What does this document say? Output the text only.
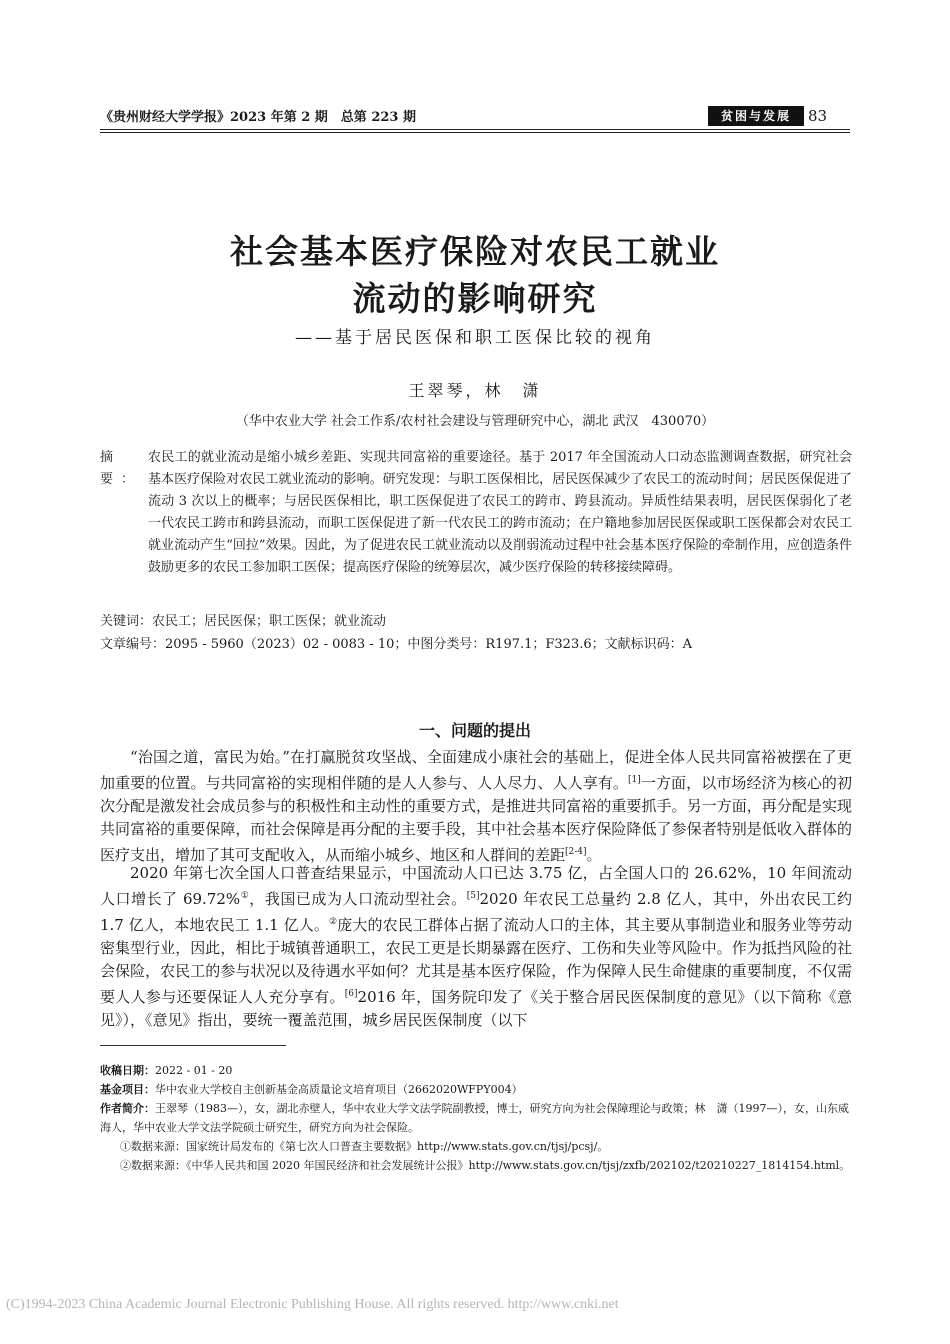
《贵州财经大学学报》2023 年第 2 期　总第 223 期	贫困与发展	83
社会基本医疗保险对农民工就业
流动的影响研究
——基于居民医保和职工医保比较的视角
王翠琴，林　潇
（华中农业大学 社会工作系/农村社会建设与管理研究中心，湖北 武汉　430070）
摘　要：
农民工的就业流动是缩小城乡差距、实现共同富裕的重要途径。基于 2017 年全国流动人口动态监测调查数据，研究社会基本医疗保险对农民工就业流动的影响。研究发现：与职工医保相比，居民医保减少了农民工的流动时间；居民医保促进了流动 3 次以上的概率；与居民医保相比，职工医保促进了农民工的跨市、跨县流动。异质性结果表明，居民医保弱化了老一代农民工跨市和跨县流动，而职工医保促进了新一代农民工的跨市流动；在户籍地参加居民医保或职工医保都会对农民工就业流动产生“回拉”效果。因此，为了促进农民工就业流动以及削弱流动过程中社会基本医疗保险的牵制作用，应创造条件鼓励更多的农民工参加职工医保；提高医疗保险的统筹层次，减少医疗保险的转移接续障碍。
关键词：农民工；居民医保；职工医保；就业流动
文章编号：2095 - 5960（2023）02 - 0083 - 10；中图分类号：R197.1；F323.6；文献标识码：A
一、问题的提出
“治国之道，富民为始。”在打赢脱贫攻坚战、全面建成小康社会的基础上，促进全体人民共同富裕被摆在了更加重要的位置。与共同富裕的实现相伴随的是人人参与、人人尽力、人人享有。[1]一方面，以市场经济为核心的初次分配是激发社会成员参与的积极性和主动性的重要方式，是推进共同富裕的重要抓手。另一方面，再分配是实现共同富裕的重要保障，而社会保障是再分配的主要手段，其中社会基本医疗保险降低了参保者特别是低收入群体的医疗支出，增加了其可支配收入，从而缩小城乡、地区和人群间的差距[2-4]。
2020 年第七次全国人口普查结果显示，中国流动人口已达 3.75 亿，占全国人口的 26.62%，10 年间流动人口增长了 69.72%①，我国已成为人口流动型社会。[5]2020 年农民工总量约 2.8 亿人，其中，外出农民工约 1.7 亿人，本地农民工 1.1 亿人。②庞大的农民工群体占据了流动人口的主体，其主要从事制造业和服务业等劳动密集型行业，因此，相比于城镇普通职工，农民工更是长期暴露在医疗、工伤和失业等风险中。作为抵挡风险的社会保险，农民工的参与状况以及待遇水平如何？尤其是基本医疗保险，作为保障人民生命健康的重要制度，不仅需要人人参与还要保证人人充分享有。[6]2016 年，国务院印发了《关于整合居民医保制度的意见》（以下简称《意见》），《意见》指出，要统一覆盖范围，城乡居民医保制度（以下
收稿日期：2022 - 01 - 20
基金项目：华中农业大学校自主创新基金高质量论文培育项目（2662020WFPY004）
作者简介：王翠琴（1983—），女，湖北赤壁人，华中农业大学文法学院副教授，博士，研究方向为社会保障理论与政策；林　潇（1997—），女，山东威海人，华中农业大学文法学院硕士研究生，研究方向为社会保险。
①数据来源：国家统计局发布的《第七次人口普查主要数据》http://www.stats.gov.cn/tjsj/pcsj/。
②数据来源：《中华人民共和国 2020 年国民经济和社会发展统计公报》http://www.stats.gov.cn/tjsj/zxfb/202102/t20210227_1814154.html。
(C)1994-2023 China Academic Journal Electronic Publishing House. All rights reserved. http://www.cnki.net
